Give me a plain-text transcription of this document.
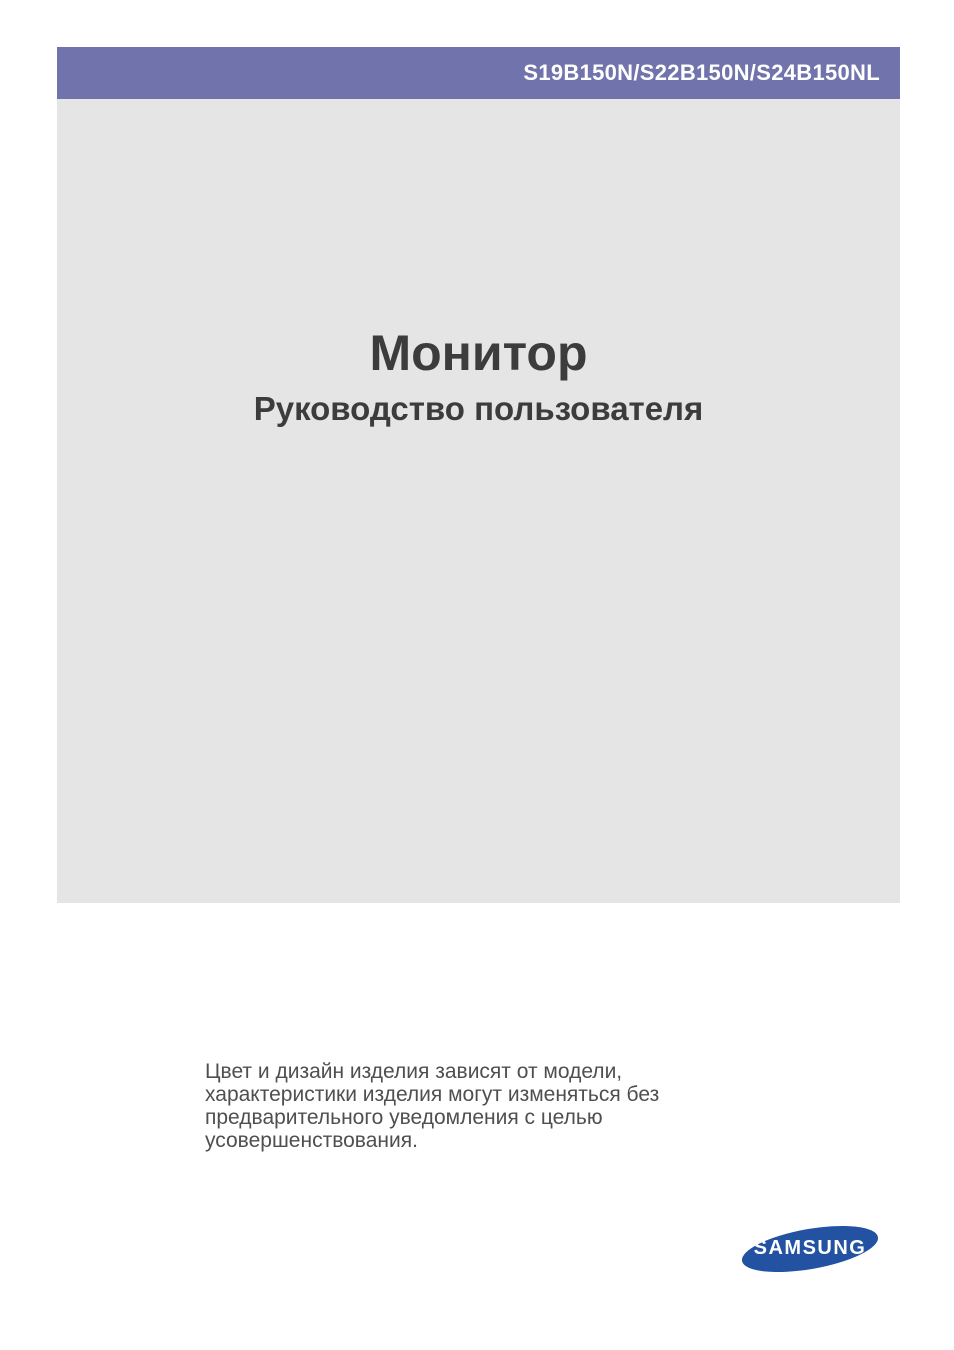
S19B150N/S22B150N/S24B150NL
Монитор
Руководство пользователя
Цвет и дизайн изделия зависят от модели,
характеристики изделия могут изменяться без
предварительного уведомления с целью
усовершенствования.
SAMSUNG
